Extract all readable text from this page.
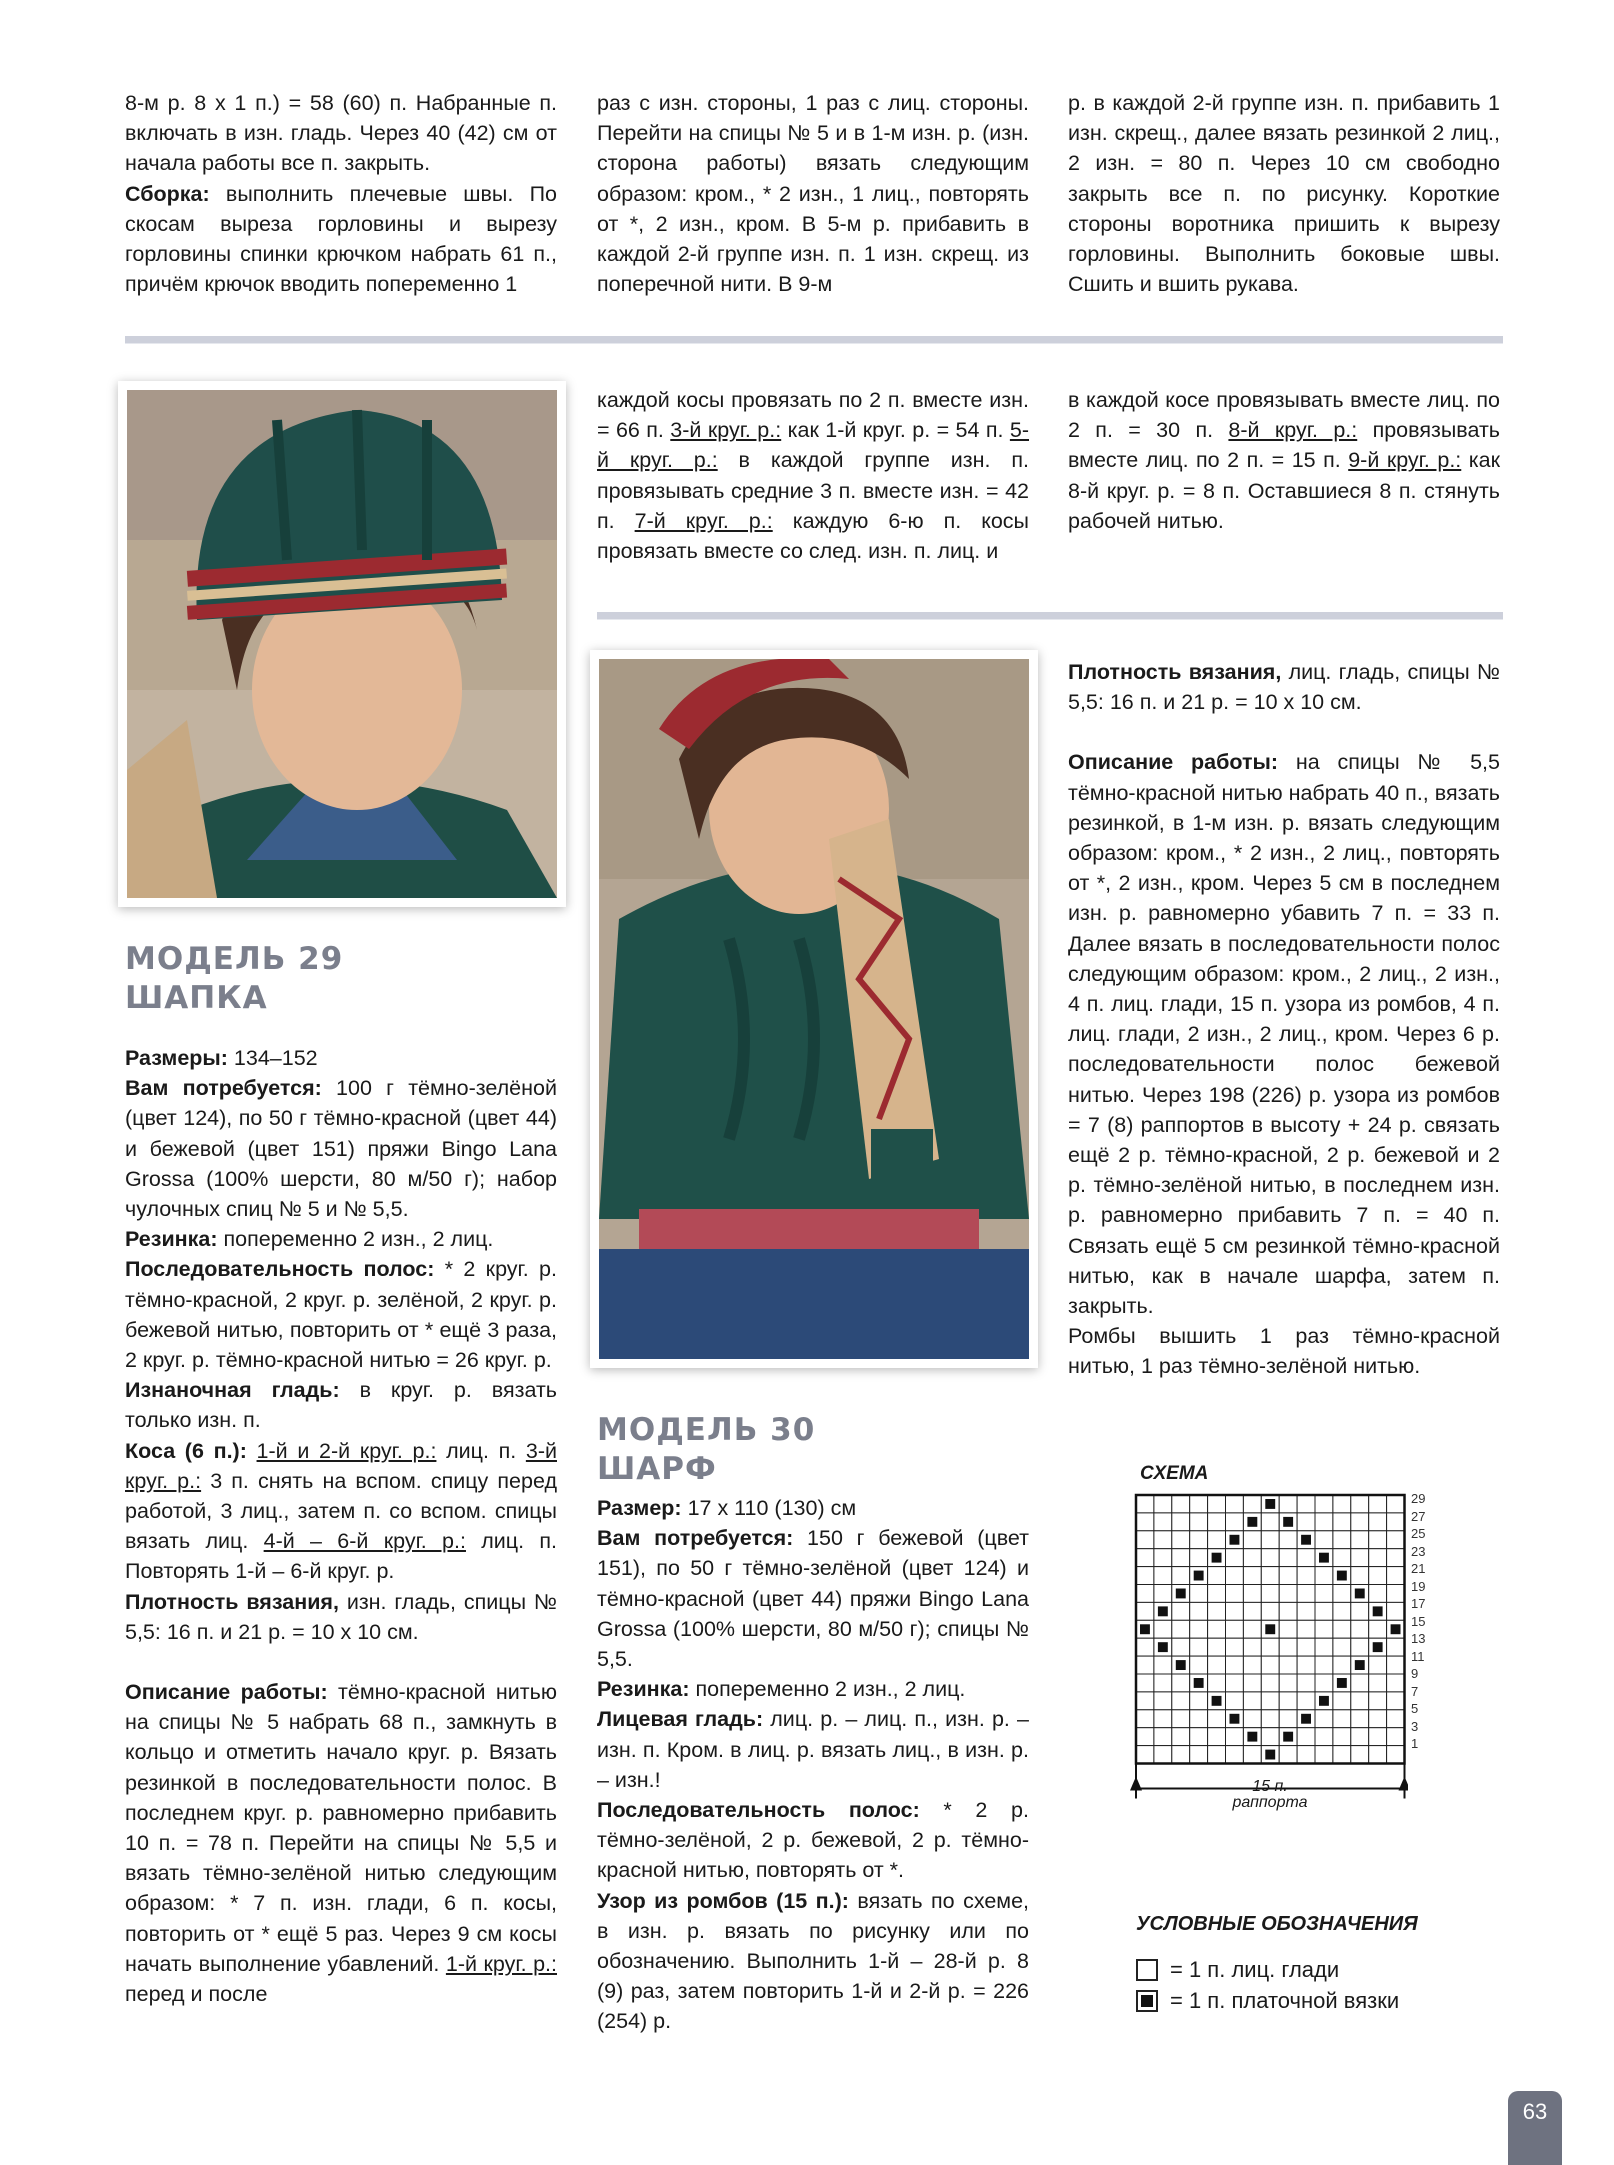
8-м р. 8 х 1 п.) = 58 (60) п. Набранные п. включать в изн. гладь. Через 40 (42) см от начала работы все п. закрыть.

Сборка: выполнить плечевые швы. По скосам выреза горловины и вырезу горловины спинки крючком набрать 61 п., причём крючок вводить попеременно 1

раз с изн. стороны, 1 раз с лиц. стороны. Перейти на спицы № 5 и в 1-м изн. р. (изн. сторона работы) вязать следующим образом: кром., * 2 изн., 1 лиц., повторять от *, 2 изн., кром. В 5-м р. прибавить в каждой 2-й группе изн. п. 1 изн. скрещ. из поперечной нити. В 9-м

р. в каждой 2-й группе изн. п. прибавить 1 изн. скрещ., далее вязать резинкой 2 лиц., 2 изн. = 80 п. Через 10 см свободно закрыть все п. по рисунку. Короткие стороны воротника пришить к вырезу горловины. Выполнить боковые швы. Сшить и вшить рукава.

каждой косы провязать по 2 п. вместе изн. = 66 п. 3-й круг. р.: как 1-й круг. р. = 54 п. 5-й круг. р.: в каждой группе изн. п. провязывать средние 3 п. вместе изн. = 42 п. 7-й круг. р.: каждую 6-ю п. косы провязать вместе со след. изн. п. лиц. и

в каждой косе провязывать вместе лиц. по 2 п. = 30 п. 8-й круг. р.: провязывать вместе лиц. по 2 п. = 15 п. 9-й круг. р.: как 8-й круг. р. = 8 п. Оставшиеся 8 п. стянуть рабочей нитью.

МОДЕЛЬ 29
ШАПКА

Размеры: 134–152

Вам потребуется: 100 г тёмно-зелёной (цвет 124), по 50 г тёмно-красной (цвет 44) и бежевой (цвет 151) пряжи Bingo Lana Grossa (100% шерсти, 80 м/50 г); набор чулочных спиц № 5 и № 5,5.

Резинка: попеременно 2 изн., 2 лиц.

Последовательность полос: * 2 круг. р. тёмно-красной, 2 круг. р. зелёной, 2 круг. р. бежевой нитью, повторить от * ещё 3 раза, 2 круг. р. тёмно-красной нитью = 26 круг. р.

Изнаночная гладь: в круг. р. вязать только изн. п.

Коса (6 п.): 1-й и 2-й круг. р.: лиц. п. 3-й круг. р.: 3 п. снять на вспом. спицу перед работой, 3 лиц., затем п. со вспом. спицы вязать лиц. 4-й – 6-й круг. р.: лиц. п. Повторять 1-й – 6-й круг. р.

Плотность вязания, изн. гладь, спицы № 5,5: 16 п. и 21 р. = 10 х 10 см.

Описание работы: тёмно-красной нитью на спицы № 5 набрать 68 п., замкнуть в кольцо и отметить начало круг. р. Вязать резинкой в последовательности полос. В последнем круг. р. равномерно прибавить 10 п. = 78 п. Перейти на спицы № 5,5 и вязать тёмно-зелёной нитью следующим образом: * 7 п. изн. глади, 6 п. косы, повторить от * ещё 5 раз. Через 9 см косы начать выполнение убавлений. 1-й круг. р.: перед и после

МОДЕЛЬ 30
ШАРФ

Размер: 17 х 110 (130) см

Вам потребуется: 150 г бежевой (цвет 151), по 50 г тёмно-зелёной (цвет 124) и тёмно-красной (цвет 44) пряжи Bingo Lana Grossa (100% шерсти, 80 м/50 г); спицы № 5,5.

Резинка: попеременно 2 изн., 2 лиц.

Лицевая гладь: лиц. р. – лиц. п., изн. р. – изн. п. Кром. в лиц. р. вязать лиц., в изн. р. – изн.!

Последовательность полос: * 2 р. тёмно-зелёной, 2 р. бежевой, 2 р. тёмно-красной нитью, повторять от *.

Узор из ромбов (15 п.): вязать по схеме, в изн. р. вязать по рисунку или по обозначению. Выполнить 1-й – 28-й р. 8 (9) раз, затем повторить 1-й и 2-й р. = 226 (254) р.

Плотность вязания, лиц. гладь, спицы № 5,5: 16 п. и 21 р. = 10 х 10 см.

Описание работы: на спицы № 5,5 тёмно-красной нитью набрать 40 п., вязать резинкой, в 1-м изн. р. вязать следующим образом: кром., * 2 изн., 2 лиц., повторять от *, 2 изн., кром. Через 5 см в последнем изн. р. равномерно убавить 7 п. = 33 п. Далее вязать в последовательности полос следующим образом: кром., 2 лиц., 2 изн., 4 п. лиц. глади, 15 п. узора из ромбов, 4 п. лиц. глади, 2 изн., 2 лиц., кром. Через 6 р. последовательности полос бежевой нитью. Через 198 (226) р. узора из ромбов = 7 (8) раппортов в высоту + 24 р. связать ещё 2 р. тёмно-красной, 2 р. бежевой и 2 р. тёмно-зелёной нитью, в последнем изн. р. равномерно прибавить 7 п. = 40 п. Связать ещё 5 см резинкой тёмно-красной нитью, как в начале шарфа, затем п. закрыть.

Ромбы вышить 1 раз тёмно-красной нитью, 1 раз тёмно-зелёной нитью.

СХЕМА
29
27
25
23
21
19
17
15
13
11
9
7
5
3
1
15 п.
раппорта
УСЛОВНЫЕ ОБОЗНАЧЕНИЯ
= 1 п. лиц. глади
= 1 п. платочной вязки
63
